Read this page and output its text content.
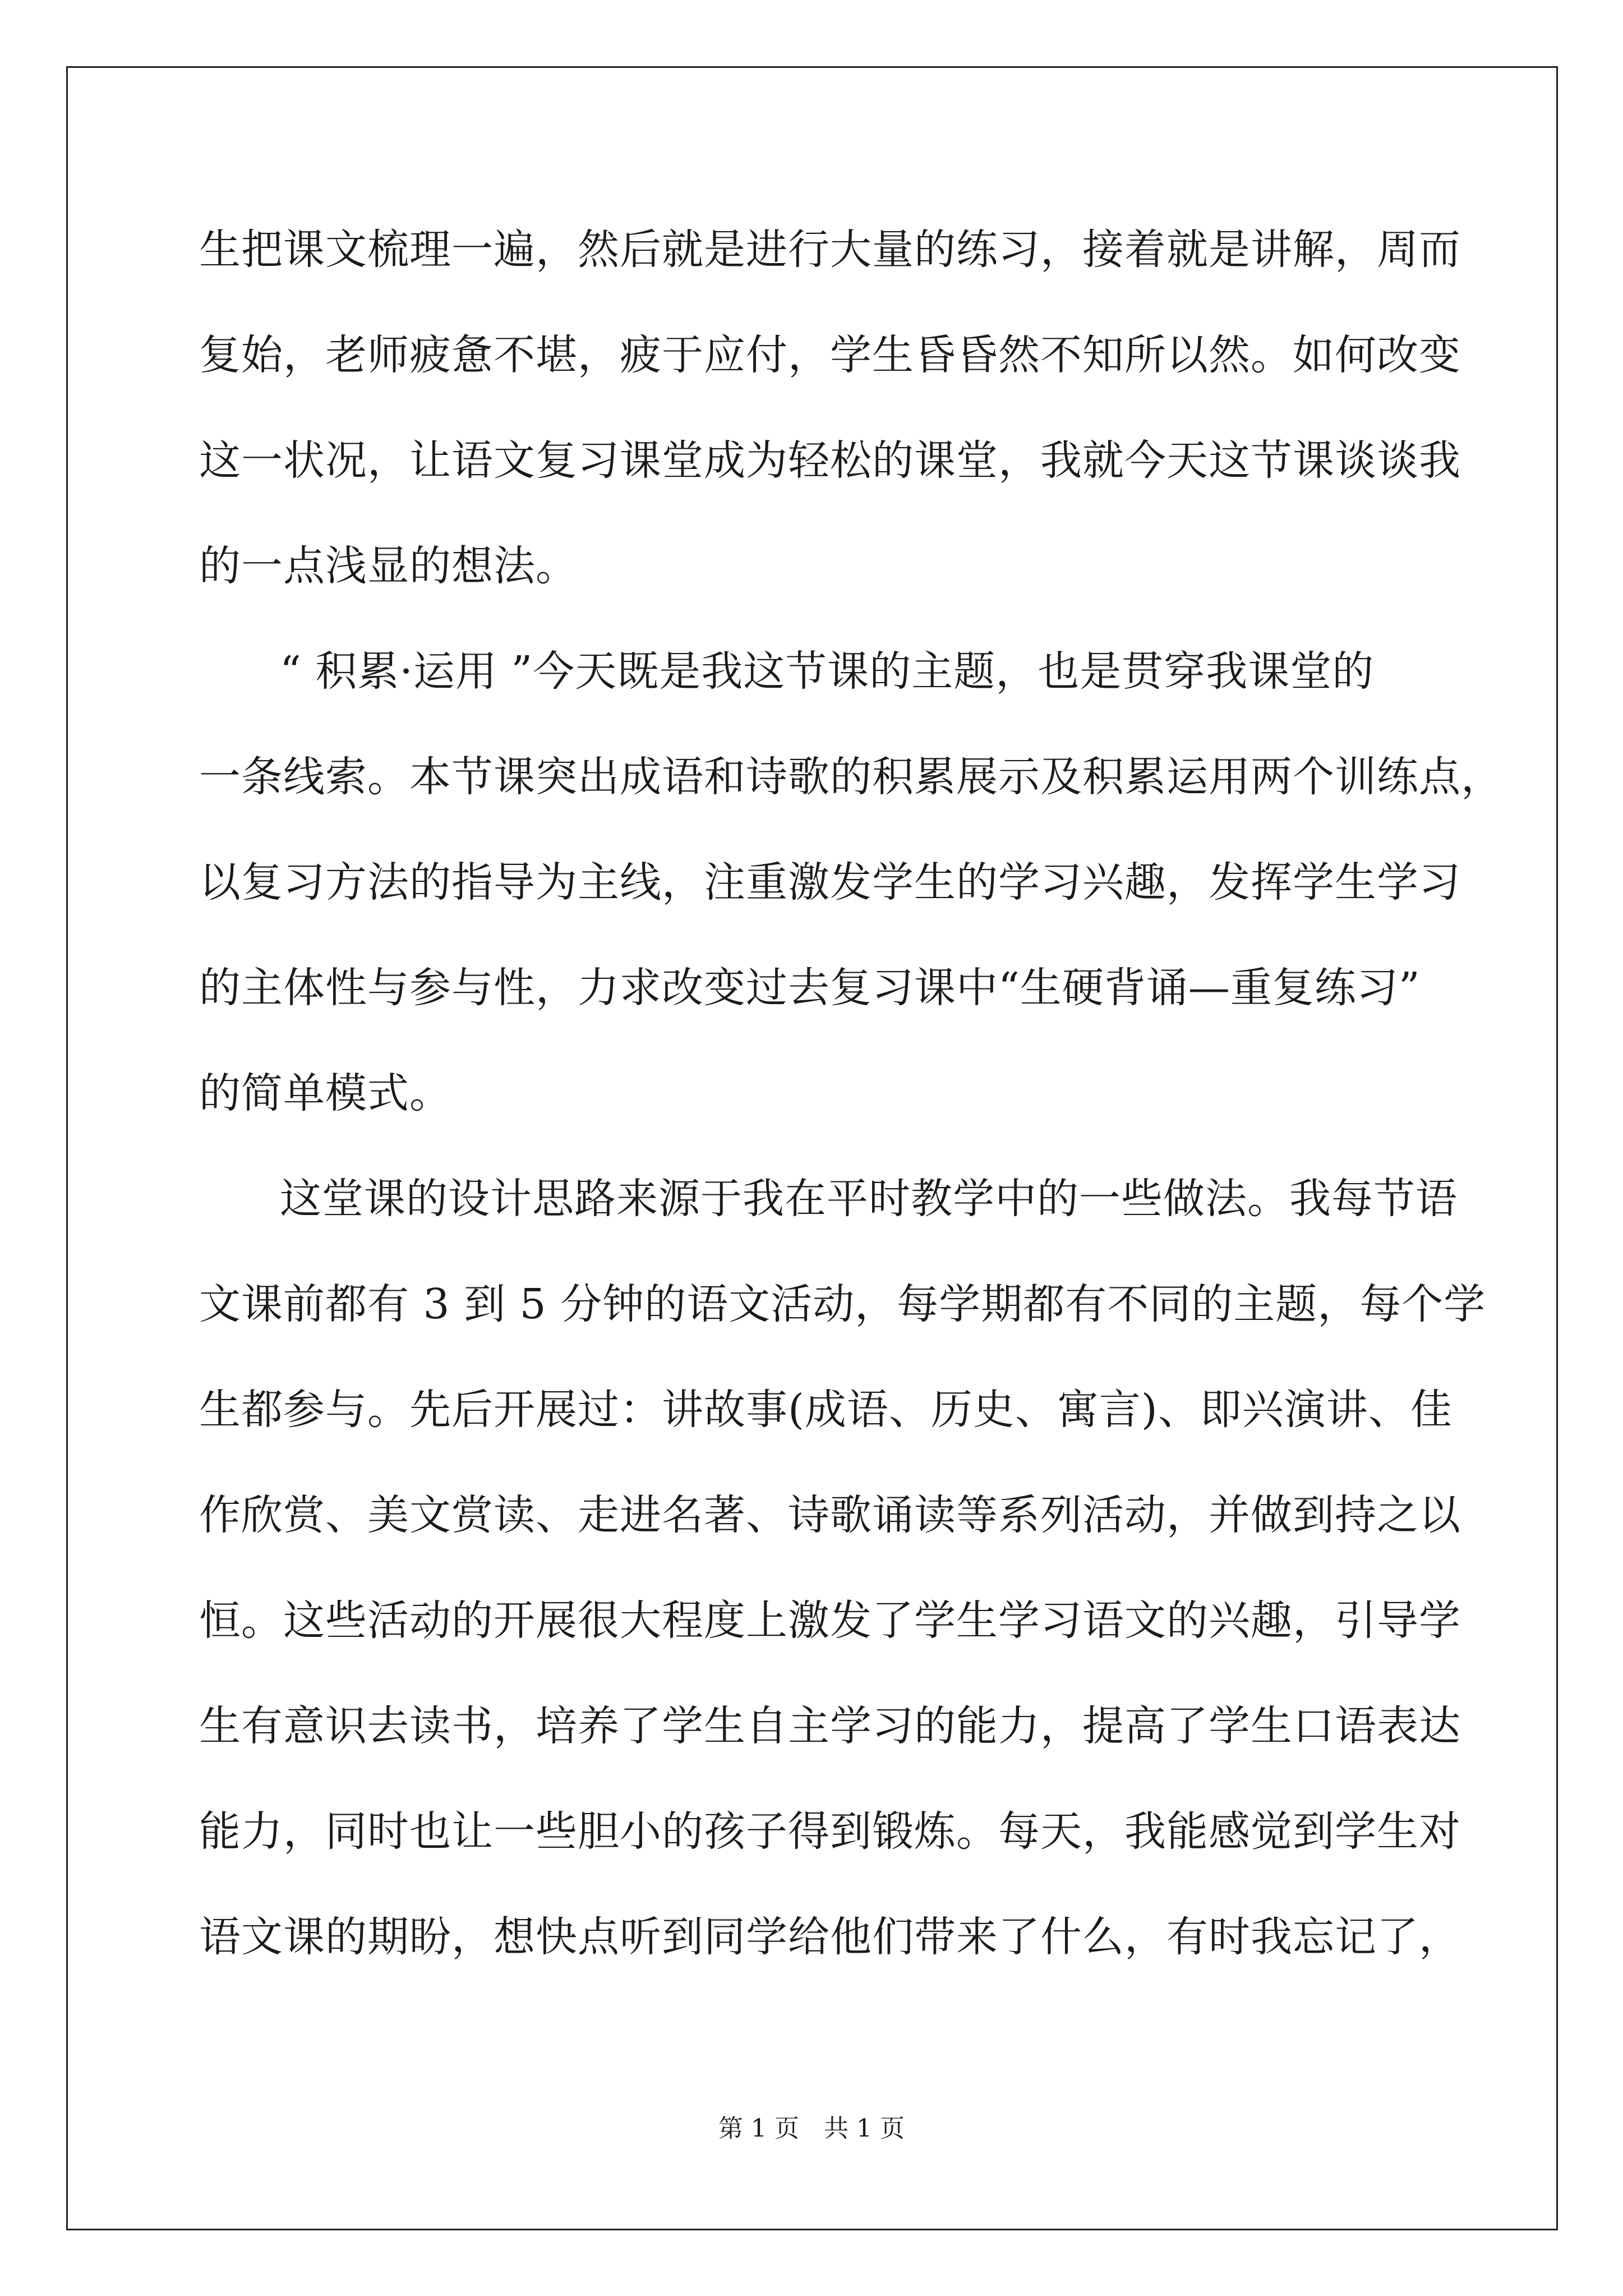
生把课文梳理一遍，然后就是进行大量的练习，接着就是讲解，周而
复始，老师疲惫不堪，疲于应付，学生昏昏然不知所以然。如何改变
这一状况，让语文复习课堂成为轻松的课堂，我就今天这节课谈谈我
的一点浅显的想法。
“ 积累·运用 ”今天既是我这节课的主题，也是贯穿我课堂的
一条线索。本节课突出成语和诗歌的积累展示及积累运用两个训练点，
以复习方法的指导为主线，注重激发学生的学习兴趣，发挥学生学习
的主体性与参与性，力求改变过去复习课中“生硬背诵—重复练习”
的简单模式。
这堂课的设计思路来源于我在平时教学中的一些做法。我每节语
文课前都有 3 到 5 分钟的语文活动，每学期都有不同的主题，每个学
生都参与。先后开展过：讲故事(成语、历史、寓言)、即兴演讲、佳
作欣赏、美文赏读、走进名著、诗歌诵读等系列活动，并做到持之以
恒。这些活动的开展很大程度上激发了学生学习语文的兴趣，引导学
生有意识去读书，培养了学生自主学习的能力，提高了学生口语表达
能力，同时也让一些胆小的孩子得到锻炼。每天，我能感觉到学生对
语文课的期盼，想快点听到同学给他们带来了什么，有时我忘记了，
第 1 页　共 1 页
